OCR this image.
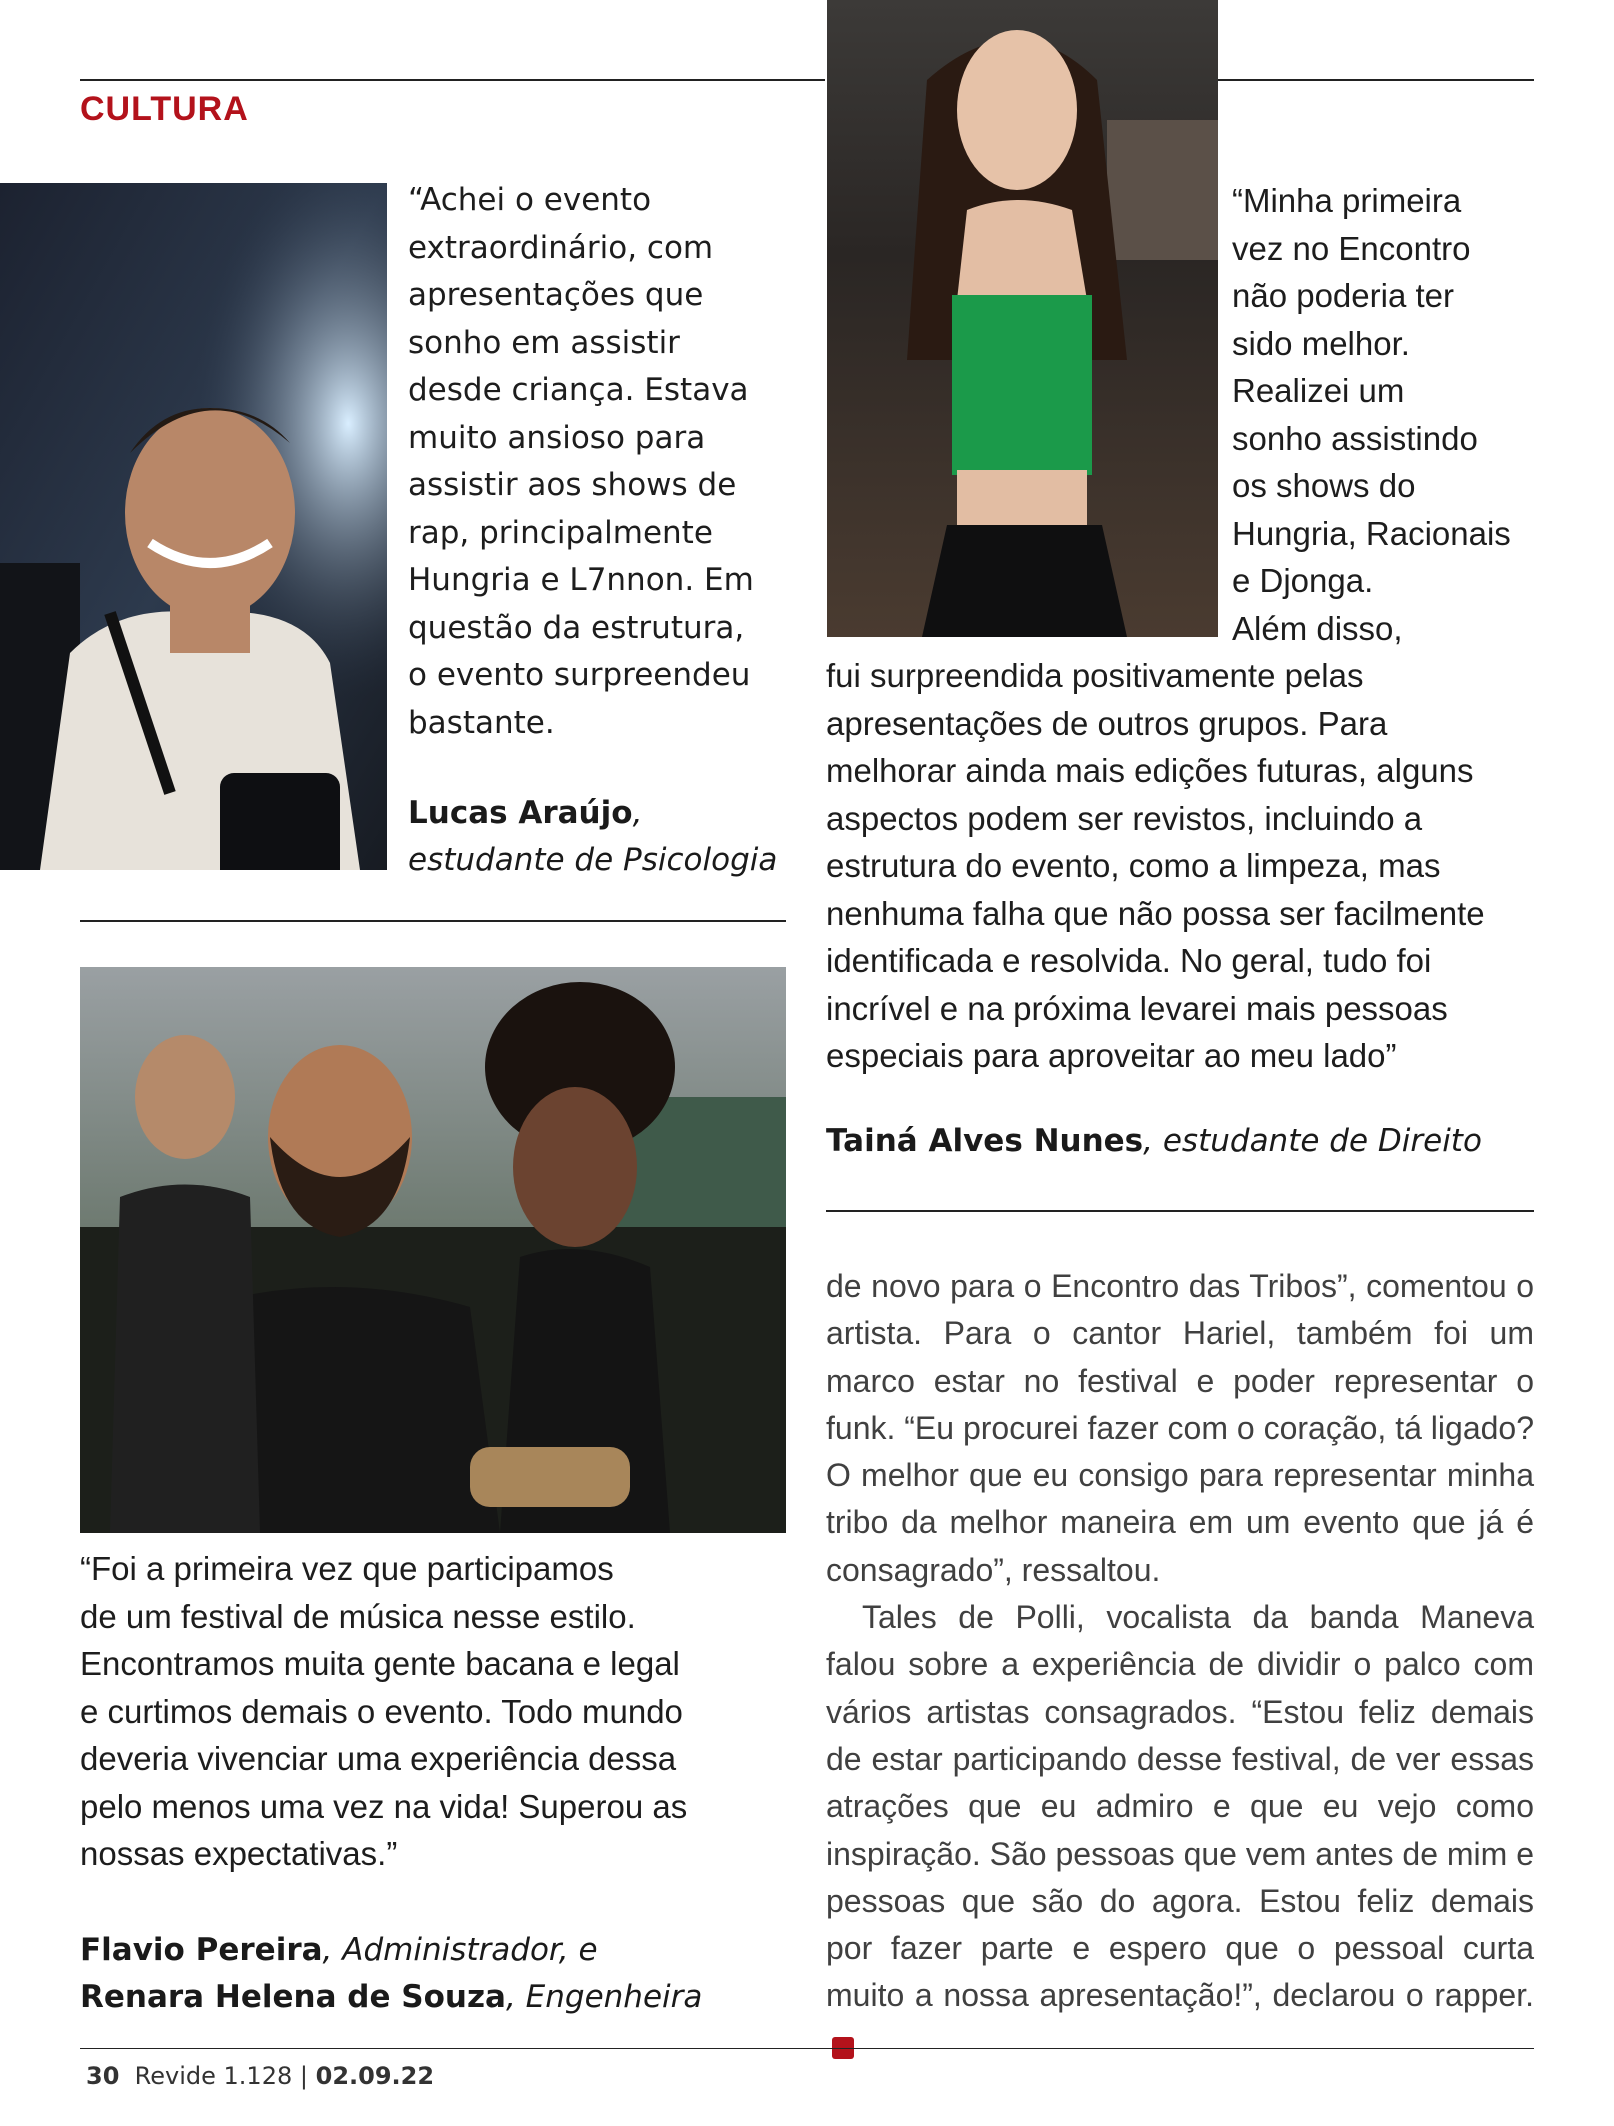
CULTURA

“Achei o evento

extraordinário, com

apresentações que

sonho em assistir

desde criança. Estava

muito ansioso para

assistir aos shows de

rap, principalmente

Hungria e L7nnon. Em

questão da estrutura,

o evento surpreendeu

bastante.

Lucas Araújo,
estudante de Psicologia
“Foi a primeira vez que participamos
de um festival de música nesse estilo.
Encontramos muita gente bacana e legal
e curtimos demais o evento. Todo mundo
deveria vivenciar uma experiência dessa
pelo menos uma vez na vida! Superou as
nossas expectativas.”
Flavio Pereira, Administrador, e
Renara Helena de Souza, Engenheira
“Minha primeira
vez no Encontro
não poderia ter
sido melhor.
Realizei um
sonho assistindo
os shows do
Hungria, Racionais
e Djonga.
Além disso,
fui surpreendida positivamente pelas
apresentações de outros grupos. Para
melhorar ainda mais edições futuras, alguns
aspectos podem ser revistos, incluindo a
estrutura do evento, como a limpeza, mas
nenhuma falha que não possa ser facilmente
identificada e resolvida. No geral, tudo foi
incrível e na próxima levarei mais pessoas
especiais para aproveitar ao meu lado”
Tainá Alves Nunes, estudante de Direito

de novo para o Encontro das Tribos”, comentou o artista. Para o cantor Hariel, também foi um marco estar no festival e poder representar o funk. “Eu procurei fazer com o coração, tá ligado? O melhor que eu consigo para representar minha tribo da melhor maneira em um evento que já é consagrado”, ressaltou.

Tales de Polli, vocalista da banda Maneva falou sobre a experiência de dividir o palco com vários artistas consagrados. “Estou feliz demais de estar participando desse festival, de ver essas atrações que eu admiro e que eu vejo como inspiração. São pessoas que vem antes de mim e pessoas que são do agora. Estou feliz demais por fazer parte e espero que o pessoal curta muito a nossa apresentação!”, declarou o rapper.R

30 Revide 1.128 | 02.09.22
